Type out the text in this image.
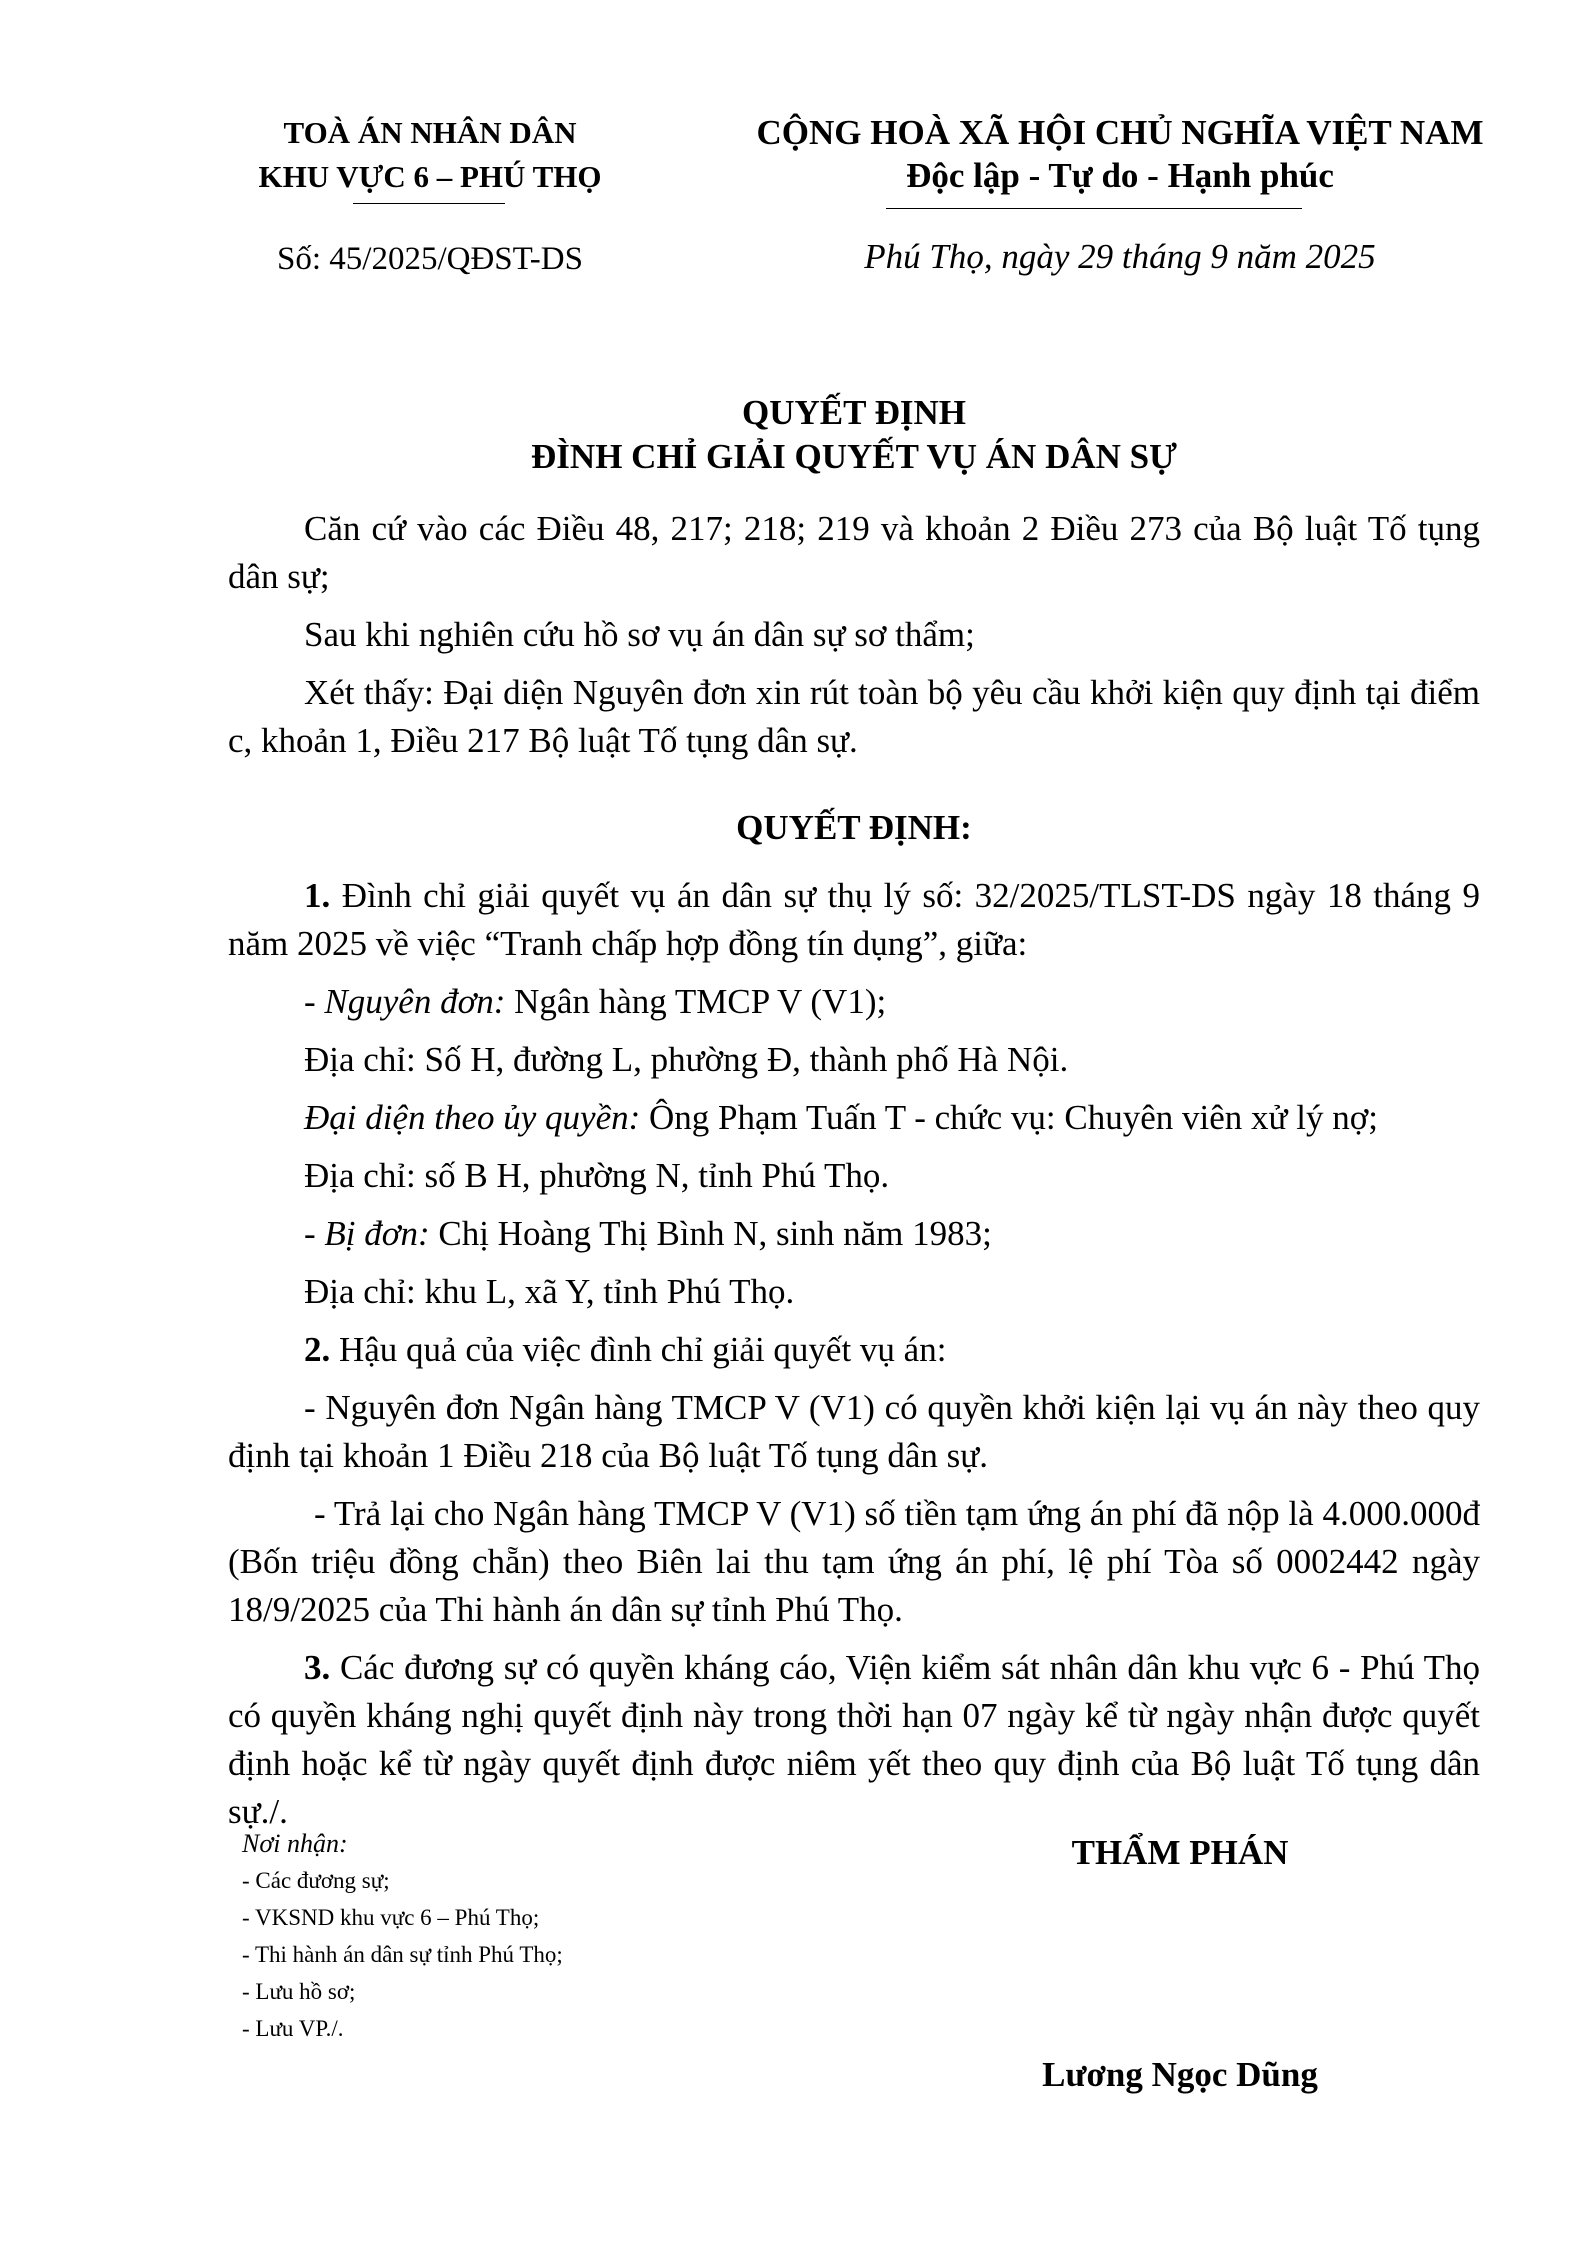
TOÀ ÁN NHÂN DÂN
KHU VỰC 6 – PHÚ THỌ
Số: 45/2025/QĐST-DS
CỘNG HOÀ XÃ HỘI CHỦ NGHĨA VIỆT NAM
Độc lập - Tự do - Hạnh phúc
Phú Thọ, ngày 29 tháng 9 năm 2025
QUYẾT ĐỊNH
ĐÌNH CHỈ GIẢI QUYẾT VỤ ÁN DÂN SỰ

Căn cứ vào các Điều 48, 217; 218; 219 và khoản 2 Điều 273 của Bộ luật Tố tụng dân sự;

Sau khi nghiên cứu hồ sơ vụ án dân sự sơ thẩm;

Xét thấy: Đại diện Nguyên đơn xin rút toàn bộ yêu cầu khởi kiện quy định tại điểm c, khoản 1, Điều 217 Bộ luật Tố tụng dân sự.

QUYẾT ĐỊNH:

1. Đình chỉ giải quyết vụ án dân sự thụ lý số: 32/2025/TLST-DS ngày 18 tháng 9 năm 2025 về việc “Tranh chấp hợp đồng tín dụng”, giữa:

- Nguyên đơn: Ngân hàng TMCP V (V1);

Địa chỉ: Số H, đường L, phường Đ, thành phố Hà Nội.

Đại diện theo ủy quyền: Ông Phạm Tuấn T - chức vụ: Chuyên viên xử lý nợ;

Địa chỉ: số B H, phường N, tỉnh Phú Thọ.

- Bị đơn: Chị Hoàng Thị Bình N, sinh năm 1983;

Địa chỉ: khu L, xã Y, tỉnh Phú Thọ.

2. Hậu quả của việc đình chỉ giải quyết vụ án:

- Nguyên đơn Ngân hàng TMCP V (V1) có quyền khởi kiện lại vụ án này theo quy định tại khoản 1 Điều 218 của Bộ luật Tố tụng dân sự.

- Trả lại cho Ngân hàng TMCP V (V1) số tiền tạm ứng án phí đã nộp là 4.000.000đ (Bốn triệu đồng chẵn) theo Biên lai thu tạm ứng án phí, lệ phí Tòa số 0002442 ngày 18/9/2025 của Thi hành án dân sự tỉnh Phú Thọ.

3. Các đương sự có quyền kháng cáo, Viện kiểm sát nhân dân khu vực 6 - Phú Thọ có quyền kháng nghị quyết định này trong thời hạn 07 ngày kể từ ngày nhận được quyết định hoặc kể từ ngày quyết định được niêm yết theo quy định của Bộ luật Tố tụng dân sự./.

Nơi nhận:
- Các đương sự;
- VKSND khu vực 6 – Phú Thọ;
- Thi hành án dân sự tỉnh Phú Thọ;
- Lưu hồ sơ;
- Lưu VP./.
THẨM PHÁN
Lương Ngọc Dũng
